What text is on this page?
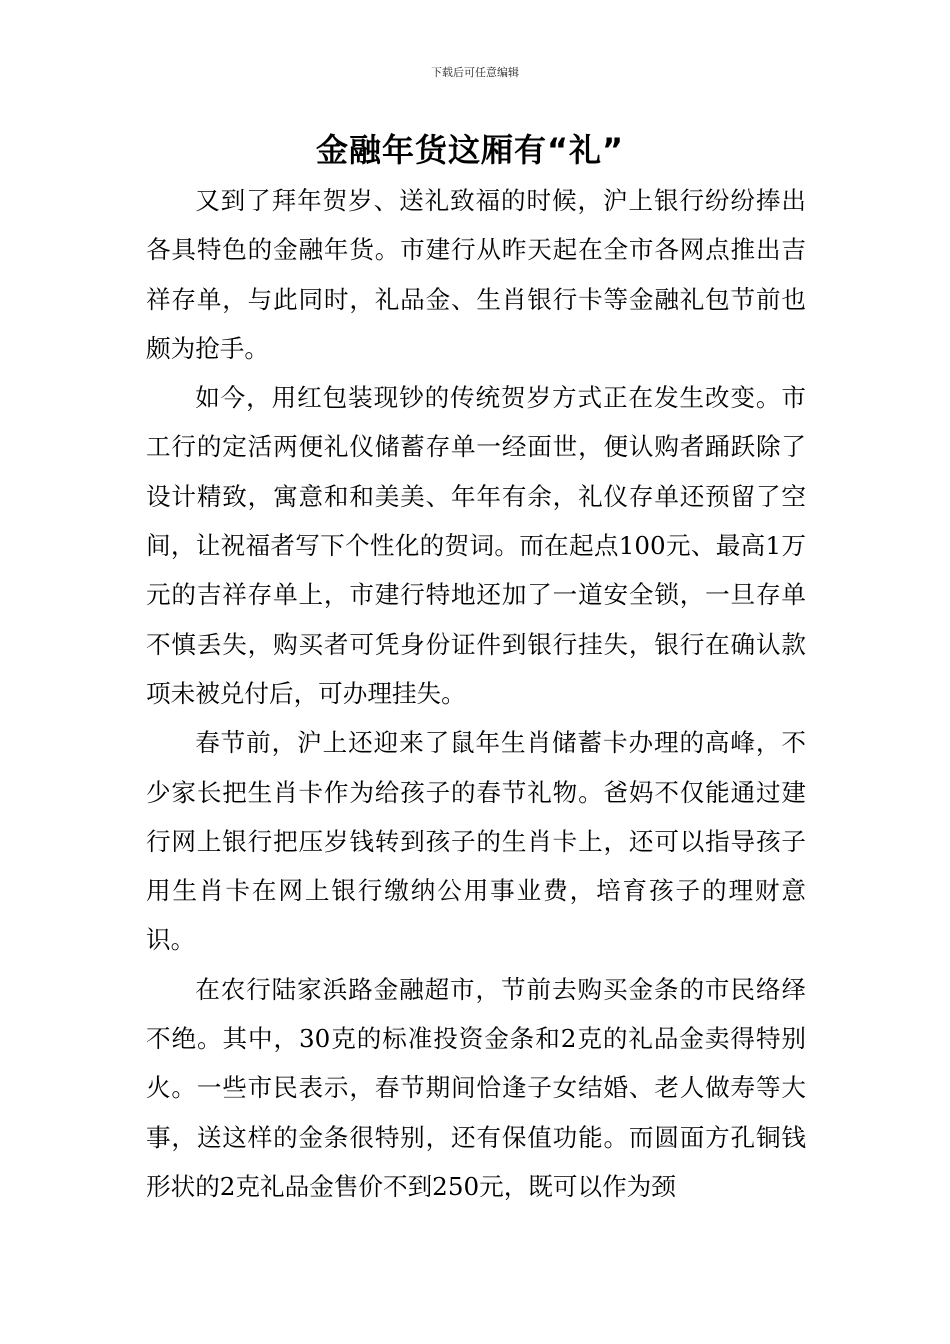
下载后可任意编辑
金融年货这厢有“礼”

又到了拜年贺岁、送礼致福的时候，沪上银行纷纷捧出各具特色的金融年货。市建行从昨天起在全市各网点推出吉祥存单，与此同时，礼品金、生肖银行卡等金融礼包节前也颇为抢手。

如今，用红包装现钞的传统贺岁方式正在发生改变。市工行的定活两便礼仪储蓄存单一经面世，便认购者踊跃除了设计精致，寓意和和美美、年年有余，礼仪存单还预留了空间，让祝福者写下个性化的贺词。而在起点100元、最高1万元的吉祥存单上，市建行特地还加了一道安全锁，一旦存单不慎丢失，购买者可凭身份证件到银行挂失，银行在确认款项未被兑付后，可办理挂失。

春节前，沪上还迎来了鼠年生肖储蓄卡办理的高峰，不少家长把生肖卡作为给孩子的春节礼物。爸妈不仅能通过建行网上银行把压岁钱转到孩子的生肖卡上，还可以指导孩子用生肖卡在网上银行缴纳公用事业费，培育孩子的理财意识。

在农行陆家浜路金融超市，节前去购买金条的市民络绎不绝。其中，30克的标准投资金条和2克的礼品金卖得特别火。一些市民表示，春节期间恰逢子女结婚、老人做寿等大事，送这样的金条很特别，还有保值功能。而圆面方孔铜钱形状的2克礼品金售价不到250元，既可以作为颈
